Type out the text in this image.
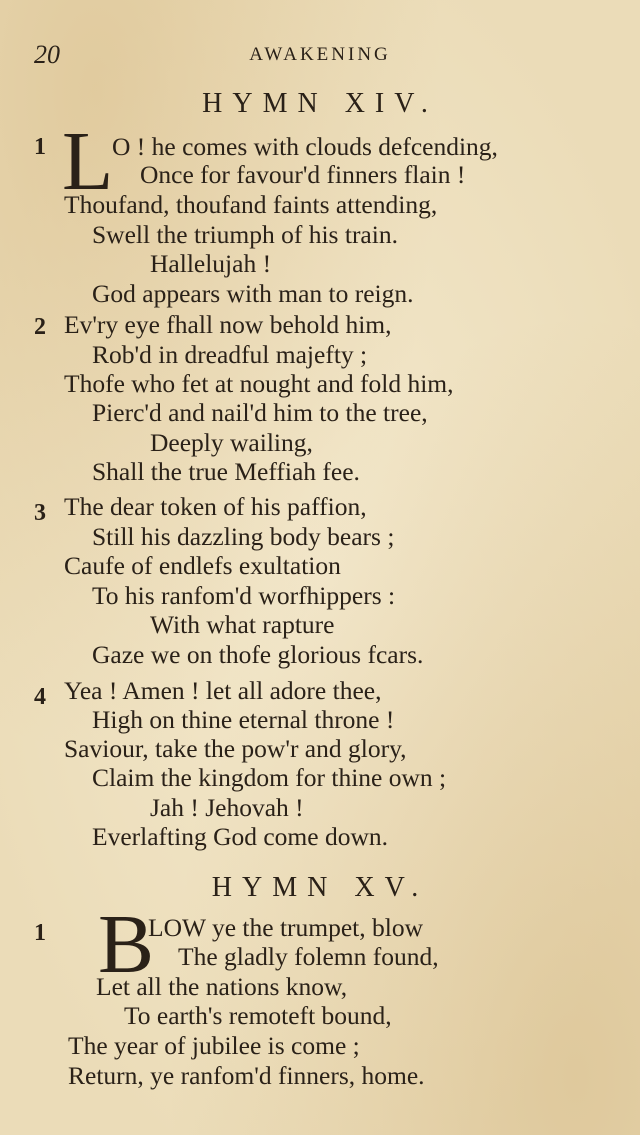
20	AWAKENING
HYMN XIV.
1 L
O ! he comes with clouds defcending,
Once for favour'd finners flain !
Thoufand, thoufand faints attending,
Swell the triumph of his train.
Hallelujah !
God appears with man to reign.
2 Ev'ry eye fhall now behold him,
Rob'd in dreadful majefty ;
Thofe who fet at nought and fold him,
Pierc'd and nail'd him to the tree,
Deeply wailing,
Shall the true Meffiah fee.
3 The dear token of his paffion,
Still his dazzling body bears ;
Caufe of endlefs exultation
To his ranfom'd worfhippers :
With what rapture
Gaze we on thofe glorious fcars.
4 Yea ! Amen ! let all adore thee,
High on thine eternal throne !
Saviour, take the pow'r and glory,
Claim the kingdom for thine own ;
Jah ! Jehovah !
Everlafting God come down.
HYMN XV.
1 B
LOW ye the trumpet, blow
The gladly folemn found,
Let all the nations know,
To earth's remoteft bound,
The year of jubilee is come ;
Return, ye ranfom'd finners, home.
